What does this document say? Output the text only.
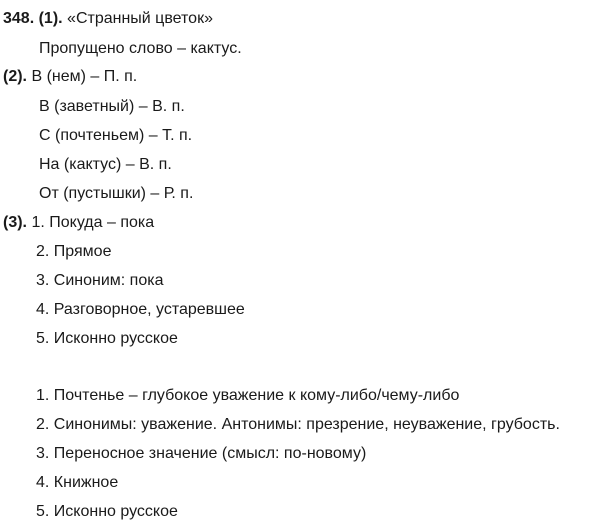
348. (1). «Странный цветок»
Пропущено слово – кактус.
(2). В (нем) – П. п.
В (заветный) – В. п.
С (почтеньем) – Т. п.
На (кактус) – В. п.
От (пустышки) – Р. п.
(3). 1. Покуда – пока
2. Прямое
3. Синоним: пока
4. Разговорное, устаревшее
5. Исконно русское
1. Почтенье – глубокое уважение к кому-либо/чему-либо
2. Синонимы: уважение. Антонимы: презрение, неуважение, грубость.
3. Переносное значение (смысл: по-новому)
4. Книжное
5. Исконно русское
